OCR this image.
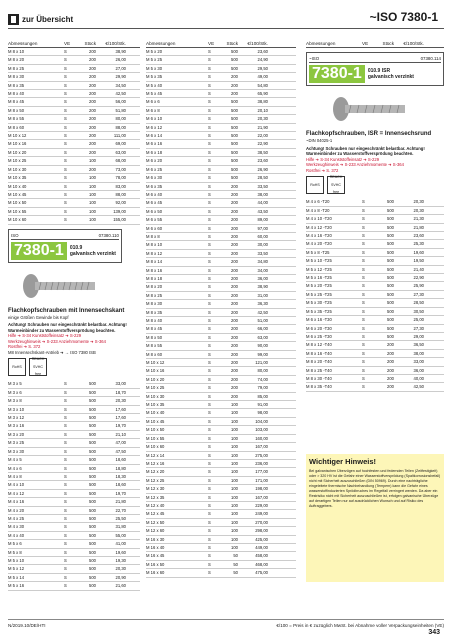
zur Übersicht	~ISO 7380-1
Abmessungen	VE	Stück	€/100/Stk.
M 8 x 10	S	200	38,90
M 8 x 20	S	200	26,00
M 8 x 25	S	200	27,00
M 8 x 30	S	200	29,90
M 8 x 35	S	200	34,50
M 8 x 40	S	200	42,50
M 8 x 45	S	200	56,00
M 8 x 50	S	200	51,80
M 8 x 55	S	200	80,00
M 8 x 60	S	200	88,00
M 10 x 12	S	200	111,00
M 10 x 16	S	200	69,00
M 10 x 20	S	200	63,00
M 10 x 25	S	100	68,00
M 10 x 30	S	200	73,00
M 10 x 35	S	100	78,00
M 10 x 40	S	100	83,00
M 10 x 45	S	100	88,00
M 10 x 50	S	100	92,00
M 10 x 55	S	100	139,00
M 10 x 60	S	100	155,00
ISO	07380.110
7380-1	010.9
galvanisch verzinkt
Flachkopfschrauben mit Innensechskant
einige Größen Gewinde bis Kopf
Achtung! Schrauben nur eingeschränkt belastbar. Achtung! Warmeinbinder zu Wasserstoffversprödung beachten.
Hilfe ➔ S-34 Kunststoffeinsatz ➔ S-229
Werkzeughinweis ➔ S-233 Anziehmomente ➔ S-364
Rostfrei ➔ S. 372
M8 Innensechskant-Antrieb ➔ → ISO 7380 ISB
RoHS
REACH SVHC free
M 3 x 5	S	500	33,00
M 3 x 6	S	500	18,70
M 3 x 8	S	500	20,30
M 3 x 10	S	500	17,60
M 3 x 12	S	500	17,60
M 3 x 16	S	500	19,70
M 3 x 20	S	500	21,10
M 3 x 25	S	500	47,00
M 3 x 30	S	500	47,50
M 4 x 5	S	500	18,60
M 4 x 6	S	500	18,80
M 4 x 8	S	500	18,30
M 4 x 10	S	500	18,60
M 4 x 12	S	500	19,70
M 4 x 16	S	500	21,80
M 4 x 20	S	500	22,70
M 4 x 25	S	500	25,50
M 4 x 30	S	500	31,80
M 4 x 40	S	500	55,00
M 5 x 6	S	500	41,00
M 5 x 8	S	500	19,60
M 5 x 10	S	500	19,30
M 5 x 12	S	500	20,30
M 5 x 14	S	500	20,90
M 5 x 16	S	500	21,60
Abmessungen	VE	Stück	€/100/Stk.
M 5 x 20	S	500	23,60
M 5 x 25	S	500	24,90
M 5 x 30	S	500	29,50
M 5 x 35	S	200	49,00
M 5 x 40	S	200	54,80
M 5 x 45	S	200	65,90
M 6 x 6	S	500	38,80
M 6 x 8	S	500	20,10
M 6 x 10	S	500	20,30
M 6 x 12	S	500	21,90
M 6 x 14	S	500	22,00
M 6 x 16	S	500	22,90
M 6 x 18	S	500	38,50
M 6 x 20	S	500	23,60
M 6 x 25	S	500	26,90
M 6 x 30	S	500	28,50
M 6 x 35	S	200	33,50
M 6 x 40	S	200	38,00
M 6 x 45	S	200	44,00
M 6 x 50	S	200	43,50
M 6 x 55	S	200	89,00
M 6 x 60	S	200	97,00
M 8 x 8	S	200	60,00
M 8 x 10	S	200	30,00
M 8 x 12	S	200	33,50
M 8 x 14	S	200	34,80
M 8 x 16	S	200	34,00
M 8 x 18	S	200	36,00
M 8 x 20	S	200	38,90
M 8 x 25	S	200	31,00
M 8 x 30	S	200	36,30
M 8 x 35	S	200	42,50
M 8 x 40	S	200	51,00
M 8 x 45	S	200	66,00
M 8 x 50	S	200	63,00
M 8 x 55	S	200	90,00
M 8 x 60	S	200	99,00
M 10 x 12	S	200	121,00
M 10 x 16	S	200	80,00
M 10 x 20	S	200	74,00
M 10 x 25	S	200	79,00
M 10 x 30	S	200	85,00
M 10 x 35	S	100	91,00
M 10 x 40	S	100	98,00
M 10 x 45	S	100	104,00
M 10 x 50	S	100	103,00
M 10 x 55	S	100	160,00
M 10 x 60	S	100	167,00
M 12 x 14	S	100	275,00
M 12 x 16	S	100	236,00
M 12 x 20	S	100	177,00
M 12 x 25	S	100	171,00
M 12 x 30	S	100	198,00
M 12 x 35	S	100	167,00
M 12 x 40	S	100	229,00
M 12 x 45	S	100	249,00
M 12 x 50	S	100	270,00
M 12 x 60	S	100	298,00
M 16 x 30	S	100	425,00
M 16 x 40	S	100	449,00
M 16 x 45	S	50	458,00
M 16 x 50	S	50	468,00
M 16 x 60	S	50	475,00
Abmessungen	VE	Stück	€/100/Stk.
~ISO	07380.114
7380-1	010.9 ISR
galvanisch verzinkt
Flachkopfschrauben, ISR = Innensechsrund
~DIN 04025-1
Achtung! Schrauben nur eingeschränkt belastbar. Achtung! Warmeinbinder zu Wasserstoffversprödung beachten.
Hilfe ➔ S-34 Kunststoffeinsatz ➔ S-229
Werkzeughinweis ➔ S-233 Anziehmomente ➔ S-364
Rostfrei ➔ S. 372
RoHS
REACH SVHC free
M 4 x 6 -T20	S	500	20,30
M 4 x 8 -T20	S	500	20,30
M 4 x 10 -T20	S	500	21,30
M 4 x 12 -T20	S	500	21,80
M 4 x 16 -T20	S	500	23,60
M 4 x 20 -T20	S	500	25,30
M 5 x 8 -T25	S	500	19,60
M 5 x 10 -T25	S	500	19,50
M 5 x 12 -T25	S	500	21,40
M 5 x 16 -T25	S	500	22,90
M 5 x 20 -T25	S	500	25,90
M 5 x 25 -T25	S	500	27,30
M 5 x 30 -T25	S	500	28,50
M 5 x 35 -T25	S	500	30,50
M 6 x 16 -T30	S	500	25,00
M 6 x 20 -T30	S	500	27,30
M 6 x 25 -T30	S	500	29,00
M 8 x 12 -T40	S	200	36,50
M 8 x 16 -T40	S	200	38,00
M 8 x 20 -T40	S	200	33,00
M 8 x 25 -T40	S	200	36,00
M 8 x 30 -T40	S	200	40,00
M 8 x 35 -T40	S	200	42,50
Wichtiger Hinweis!
Bei galvanischen Überzügen auf hochfesten und federnden Teilen (Zeitfestigkeit) oder > 320 HV ist die Gefahr einer Wasserstoffversprödung (Spaltkorrosionsbefall) nicht mit Sicherheit auszuschließen (DIN 50969). Durch eine nachträgliche eingeleitete thermische Nachbehandlung (Tempern) kann die Gefahr eines wasserstoffinduzierten Sprödbruches im Regelfall verringert werden. Da aber ein Restrisiko nicht mit Sicherheit auszuschließen ist, erfolgen galvanische Überzüge auf derartigen Teilen nur auf ausdrücklichen Wunsch und auf Risiko des Auftraggebers.
N/2019.10/DE/HTI	€/100 = Preis in € zuzüglich MwSt. bei Abnahme voller Verpackungseinheiten (VE)
343
